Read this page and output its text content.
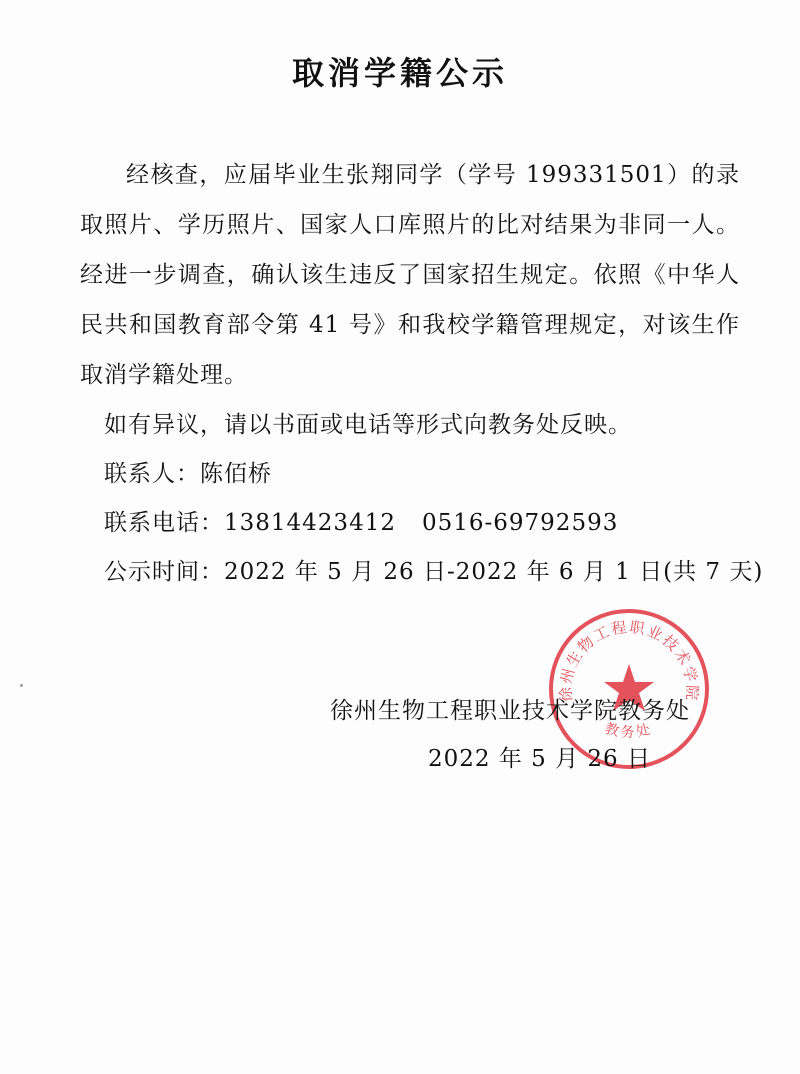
取消学籍公示

经核查，应届毕业生张翔同学（学号 199331501）的录取照片、学历照片、国家人口库照片的比对结果为非同一人。经进一步调查，确认该生违反了国家招生规定。依照《中华人民共和国教育部令第 41 号》和我校学籍管理规定，对该生作取消学籍处理。

如有异议，请以书面或电话等形式向教务处反映。

联系人：陈佰桥

联系电话：13814423412 0516-69792593

公示时间：2022 年 5 月 26 日-2022 年 6 月 1 日(共 7 天)

徐州生物工程职业技术学院
教务处
徐州生物工程职业技术学院教务处
2022 年 5 月 26 日
